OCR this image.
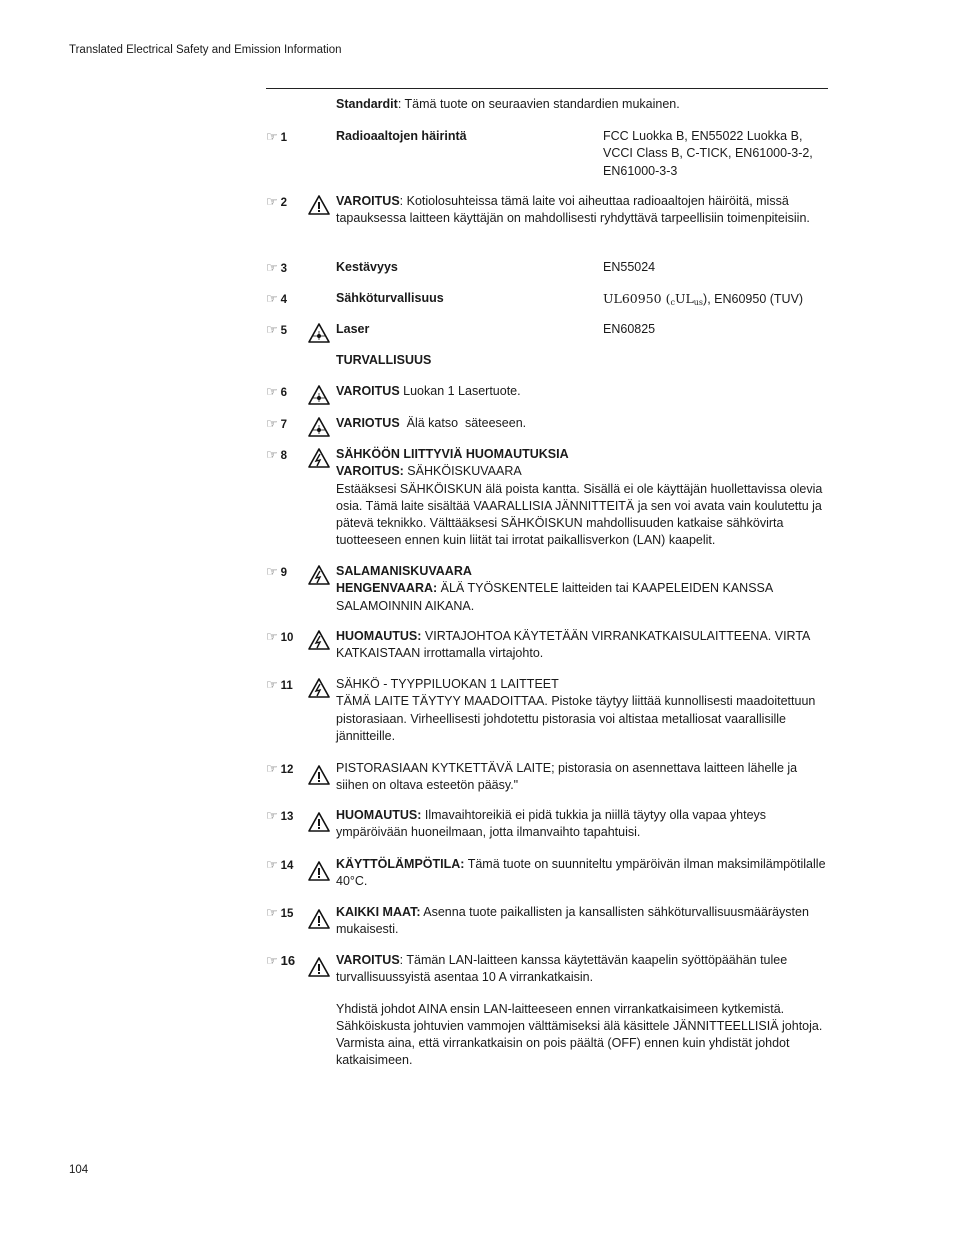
Translated Electrical Safety and Emission Information
Standardit: Tämä tuote on seuraavien standardien mukainen.
☞ 1	Radioaaltojen häirintä	FCC Luokka B, EN55022 Luokka B, VCCI Class B, C-TICK, EN61000-3-2, EN61000-3-3
☞ 2	VAROITUS: Kotiolosuhteissa tämä laite voi aiheuttaa radioaaltojen häiröitä, missä tapauksessa laitteen käyttäjän on mahdollisesti ryhdyttävä tarpeellisiin toimenpiteisiin.
☞ 3	Kestävyys	EN55024
☞ 4	Sähköturvallisuus	UL60950 $(_cUL_{us})$, EN60950 (TUV)
☞ 5	Laser	EN60825
TURVALLISUUS
☞ 6	VAROITUS Luokan 1 Lasertuote.
☞ 7	VARIOTUS  Älä katso  säteeseen.
☞ 8	SÄHKÖÖN LIITTYVIÄ HUOMAUTUKSIA

VAROITUS: SÄHKÖISKUVAARA

Estääksesi SÄHKÖISKUN älä poista kantta. Sisällä ei ole käyttäjän huollettavissa olevia osia. Tämä laite sisältää VAARALLISIA JÄNNITTEITÄ ja sen voi avata vain koulutettu ja pätevä teknikko. Välttääksesi SÄHKÖISKUN mahdollisuuden katkaise sähkövirta tuotteeseen ennen kuin liität tai irrotat paikallisverkon (LAN) kaapelit.

☞ 9	SALAMANISKUVAARA

HENGENVAARA: ÄLÄ TYÖSKENTELE laitteiden tai KAAPELEIDEN KANSSA SALAMOINNIN AIKANA.

☞ 10	HUOMAUTUS: VIRTAJOHTOA KÄYTETÄÄN VIRRANKATKAISULAITTEENA. VIRTA KATKAISTAAN irrottamalla virtajohto.
☞ 11	SÄHKÖ - TYYPPILUOKAN 1 LAITTEET

TÄMÄ LAITE TÄYTYY MAADOITTAA. Pistoke täytyy liittää kunnollisesti maadoitettuun pistorasiaan. Virheellisesti johdotettu pistorasia voi altistaa metalliosat vaarallisille jännitteille.

☞ 12	PISTORASIAAN KYTKETTÄVÄ LAITE; pistorasia on asennettava laitteen lähelle ja siihen on oltava esteetön pääsy."
☞ 13	HUOMAUTUS: Ilmavaihtoreikiä ei pidä tukkia ja niillä täytyy olla vapaa yhteys ympäröivään huoneilmaan, jotta ilmanvaihto tapahtuisi.
☞ 14	KÄYTTÖLÄMPÖTILA: Tämä tuote on suunniteltu ympäröivän ilman maksimilämpötilalle 40°C.
☞ 15	KAIKKI MAAT: Asenna tuote paikallisten ja kansallisten sähköturvallisuusmääräysten mukaisesti.
☞ 16	VAROITUS: Tämän LAN-laitteen kanssa käytettävän kaapelin syöttöpäähän tulee turvallisuussyistä asentaa 10 A virrankatkaisin.

Yhdistä johdot AINA ensin LAN-laitteeseen ennen virrankatkaisimeen kytkemistä. Sähköiskusta johtuvien vammojen välttämiseksi älä käsittele JÄNNITTEELLISIÄ johtoja. Varmista aina, että virrankatkaisin on pois päältä (OFF) ennen kuin yhdistät johdot katkaisimeen.

104
